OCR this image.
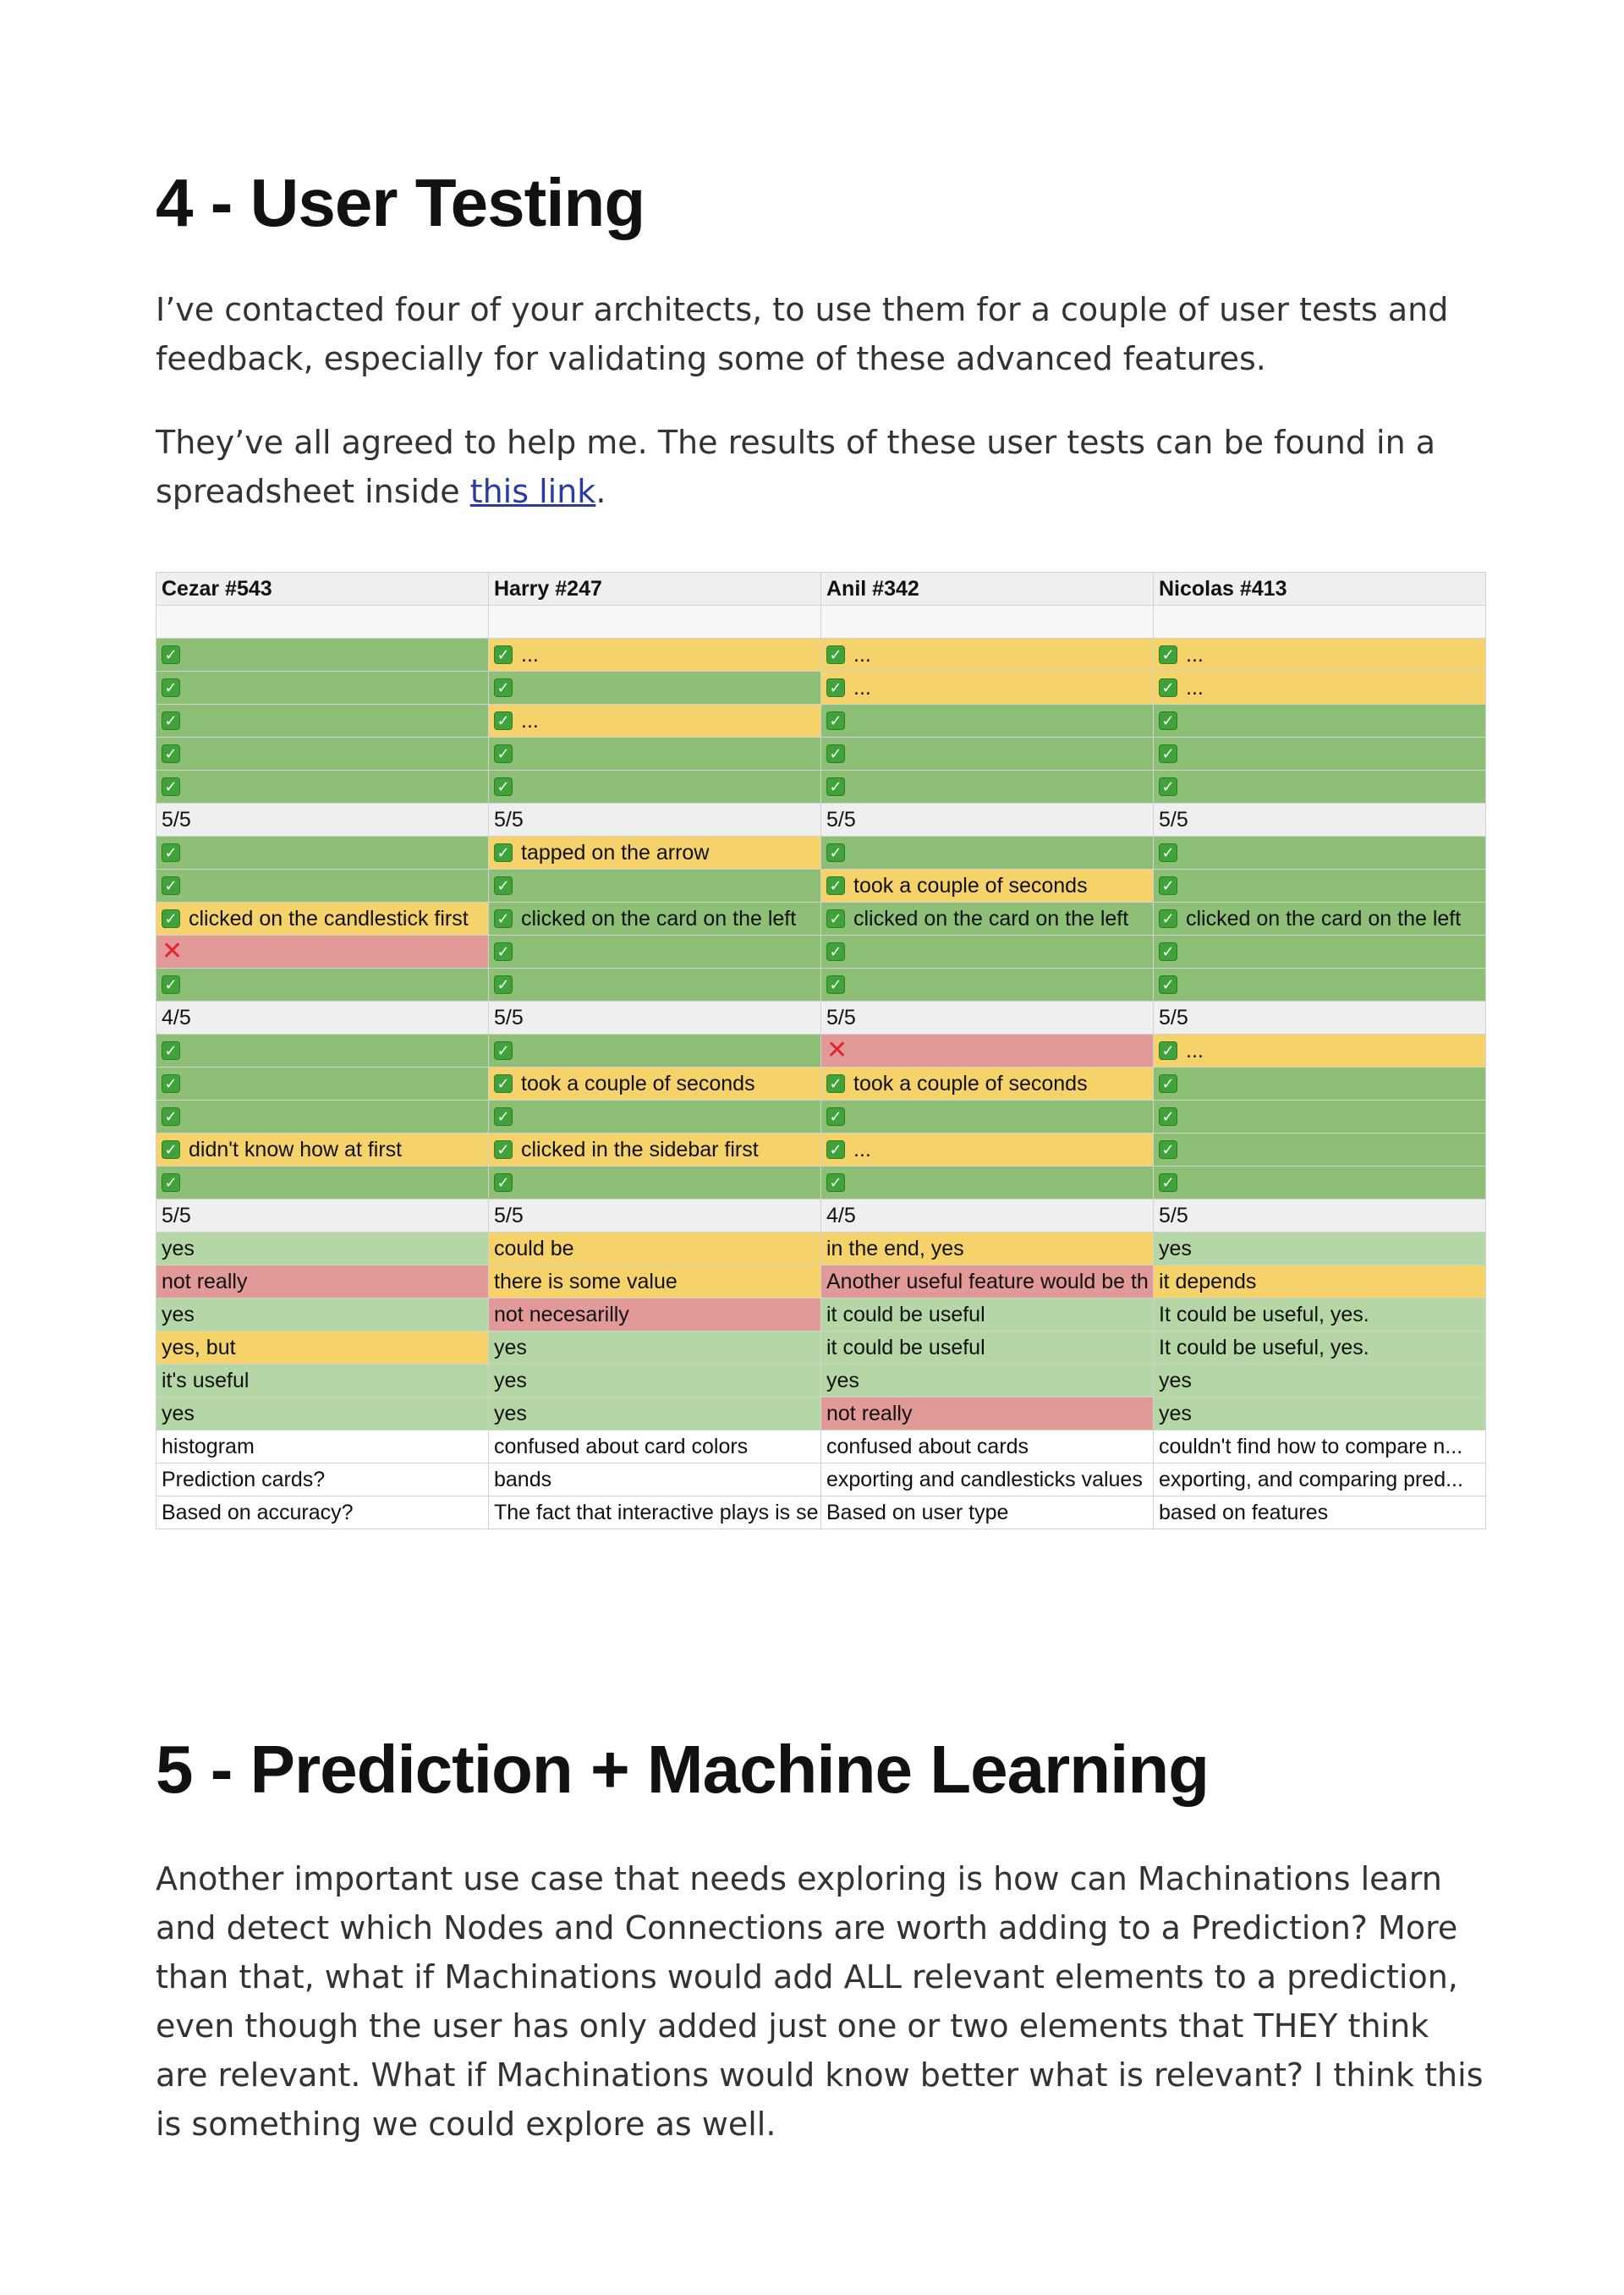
4 - User Testing

I’ve contacted four of your architects, to use them for a couple of user tests and feedback, especially for validating some of these advanced features.

They’ve all agreed to help me. The results of these user tests can be found in a spreadsheet inside this link.

Cezar #543	Harry #247	Anil #342	Nicolas #413

✓	✓ ...	✓ ...	✓ ...
✓	✓	✓ ...	✓ ...
✓	✓ ...	✓	✓
✓	✓	✓	✓
✓	✓	✓	✓
5/5	5/5	5/5	5/5
✓	✓ tapped on the arrow	✓	✓
✓	✓	✓ took a couple of seconds	✓
✓ clicked on the candlestick first	✓ clicked on the card on the left	✓ clicked on the card on the left	✓ clicked on the card on the left
✕	✓	✓	✓
✓	✓	✓	✓
4/5	5/5	5/5	5/5
✓	✓	✕	✓ ...
✓	✓ took a couple of seconds	✓ took a couple of seconds	✓
✓	✓	✓	✓
✓ didn't know how at first	✓ clicked in the sidebar first	✓ ...	✓
✓	✓	✓	✓
5/5	5/5	4/5	5/5
yes	could be	in the end, yes	yes
not really	there is some value	Another useful feature would be th	it depends
yes	not necesarilly	it could be useful	It could be useful, yes.
yes, but	yes	it could be useful	It could be useful, yes.
it's useful	yes	yes	yes
yes	yes	not really	yes
histogram	confused about card colors	confused about cards	couldn't find how to compare n...
Prediction cards?	bands	exporting and candlesticks values	exporting, and comparing pred...
Based on accuracy?	The fact that interactive plays is se	Based on user type	based on features
5 - Prediction + Machine Learning

Another important use case that needs exploring is how can Machinations learn and detect which Nodes and Connections are worth adding to a Prediction? More than that, what if Machinations would add ALL relevant elements to a prediction, even though the user has only added just one or two elements that THEY think are relevant. What if Machinations would know better what is relevant? I think this is something we could explore as well.
